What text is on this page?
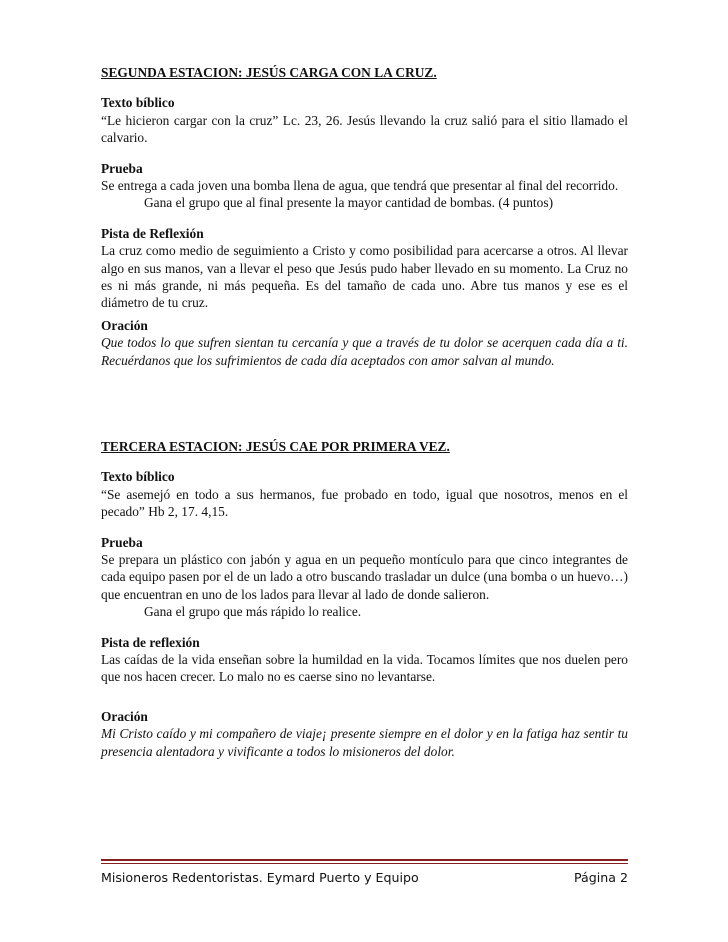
SEGUNDA ESTACION: JESÚS CARGA CON LA CRUZ.

Texto bíblico

“Le hicieron cargar con la cruz” Lc. 23, 26. Jesús llevando la cruz salió para el sitio llamado el calvario.

Prueba

Se entrega a cada joven una bomba llena de agua, que tendrá que presentar al final del recorrido.

Gana el grupo que al final presente la mayor cantidad de bombas. (4 puntos)

Pista de Reflexión

La cruz como medio de seguimiento a Cristo y como posibilidad para acercarse a otros. Al llevar algo en sus manos, van a llevar el peso que Jesús pudo haber llevado en su momento. La Cruz no es ni más grande, ni más pequeña. Es del tamaño de cada uno. Abre tus manos y ese es el diámetro de tu cruz.

Oración

Que todos lo que sufren sientan tu cercanía y que a través de tu dolor se acerquen cada día a ti. Recuérdanos que los sufrimientos de cada día aceptados con amor salvan al mundo.

TERCERA ESTACION: JESÚS CAE POR PRIMERA VEZ.

Texto bíblico

“Se asemejó en todo a sus hermanos, fue probado en todo, igual que nosotros, menos en el pecado” Hb 2, 17. 4,15.

Prueba

Se prepara un plástico con jabón y agua en un pequeño montículo para que cinco integrantes de cada equipo pasen por el de un lado a otro buscando trasladar un dulce (una bomba o un huevo…) que encuentran en uno de los lados para llevar al lado de donde salieron.

Gana el grupo que más rápido lo realice.

Pista de reflexión

Las caídas de la vida enseñan sobre la humildad en la vida. Tocamos límites que nos duelen pero que nos hacen crecer. Lo malo no es caerse sino no levantarse.

Oración

Mi Cristo caído y mi compañero de viaje¡ presente siempre en el dolor y en la fatiga haz sentir tu presencia alentadora y vivificante a todos lo misioneros del dolor.

Misioneros Redentoristas. Eymard Puerto y Equipo	Página 2
